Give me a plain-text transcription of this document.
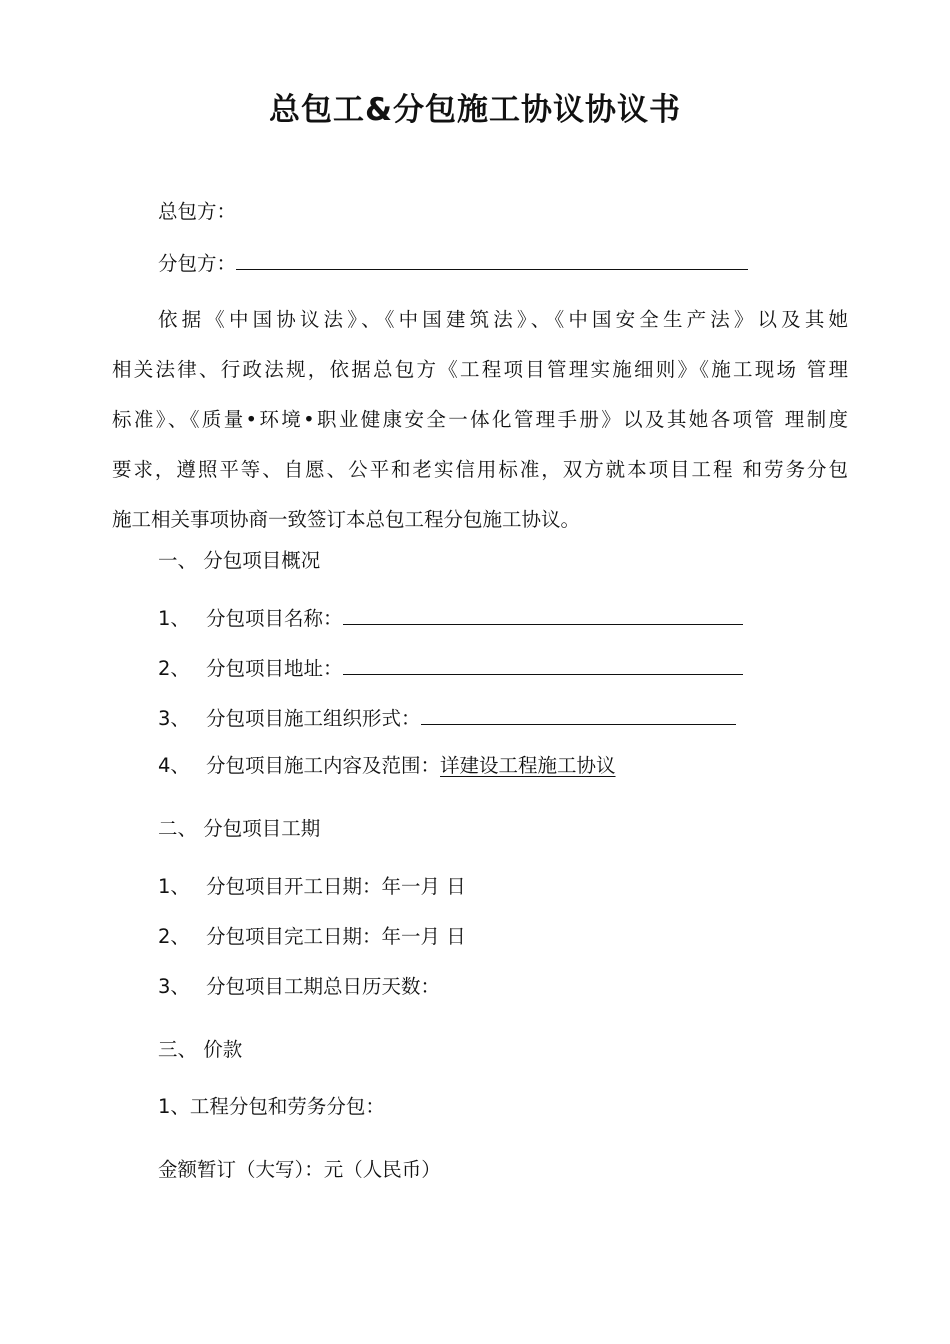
总包工&分包施工协议协议书
总包方：
分包方：
依据《中国协议法》、《中国建筑法》、《中国安全生产法》以及其她
相关法律、行政法规，依据总包方《工程项目管理实施细则》《施工现场 管理
标准》、《质量•环境•职业健康安全一体化管理手册》以及其她各项管 理制度
要求，遵照平等、自愿、公平和老实信用标准，双方就本项目工程 和劳务分包
施工相关事项协商一致签订本总包工程分包施工协议。
一、 分包项目概况
1、 分包项目名称：
2、 分包项目地址：
3、 分包项目施工组织形式：
4、 分包项目施工内容及范围：详建设工程施工协议
二、 分包项目工期
1、 分包项目开工日期：年一月 日
2、 分包项目完工日期：年一月 日
3、 分包项目工期总日历天数：
三、 价款
1、工程分包和劳务分包：
金额暂订（大写）：元（人民币）
